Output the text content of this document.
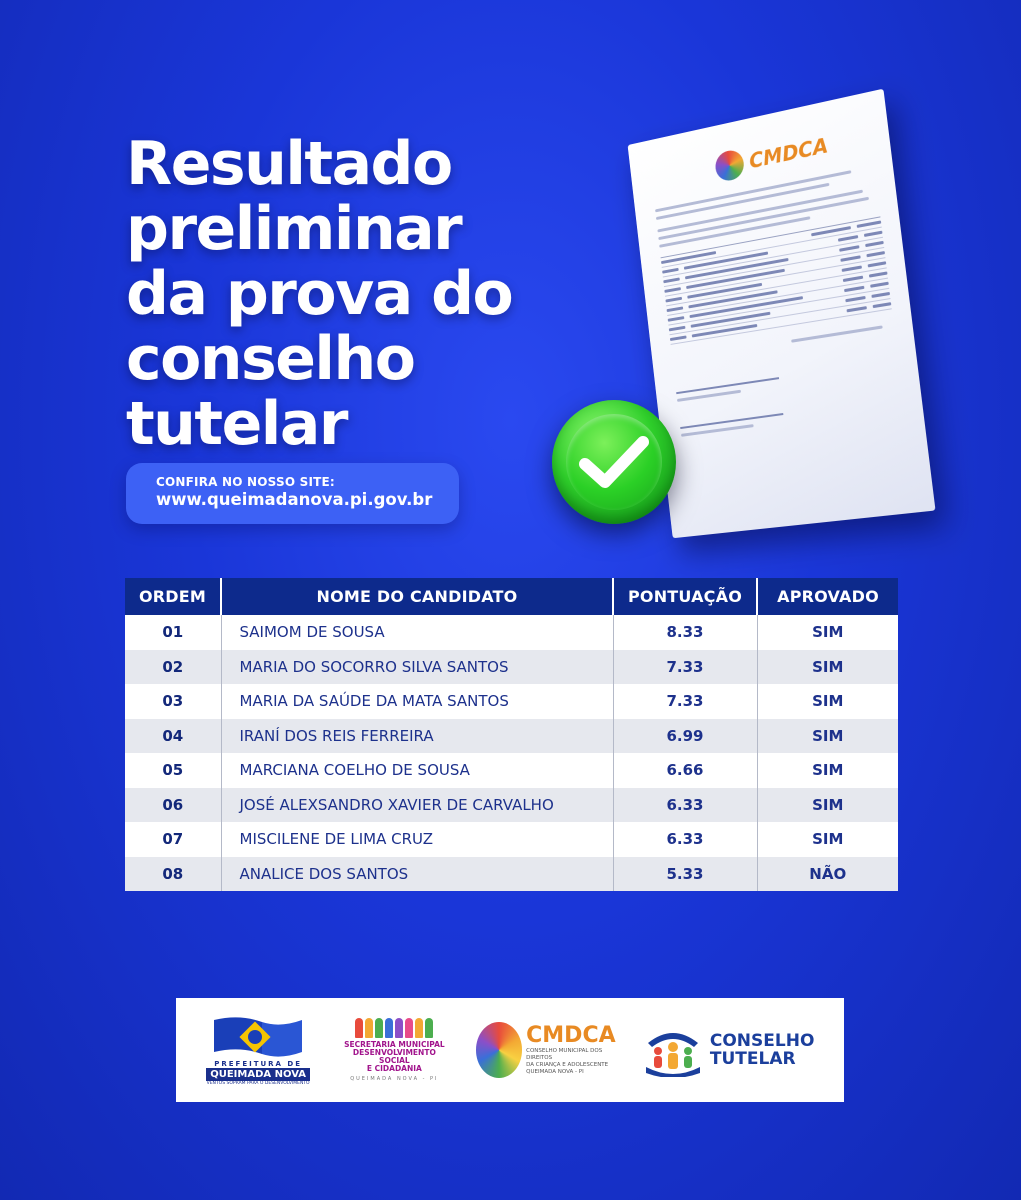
Resultado
preliminar
da prova do
conselho
tutelar
CONFIRA NO NOSSO SITE:
www.queimadanova.pi.gov.br
CMDCA
ORDEM	NOME DO CANDIDATO	PONTUAÇÃO	APROVADO
01	SAIMOM DE SOUSA	8.33	SIM
02	MARIA DO SOCORRO SILVA SANTOS	7.33	SIM
03	MARIA DA SAÚDE DA MATA SANTOS	7.33	SIM
04	IRANÍ DOS REIS FERREIRA	6.99	SIM
05	MARCIANA COELHO DE SOUSA	6.66	SIM
06	JOSÉ ALEXSANDRO XAVIER DE CARVALHO	6.33	SIM
07	MISCILENE DE LIMA CRUZ	6.33	SIM
08	ANALICE DOS SANTOS	5.33	NÃO
PREFEITURA DE
QUEIMADA NOVA
VENTOS SOPRAM PARA O DESENVOLVIMENTO
SECRETARIA MUNICIPAL
DESENVOLVIMENTO SOCIAL
E CIDADANIA
QUEIMADA NOVA - PI
CMDCA
CONSELHO MUNICIPAL DOS DIREITOS
DA CRIANÇA E ADOLESCENTE
QUEIMADA NOVA - PI
CONSELHO
TUTELAR
